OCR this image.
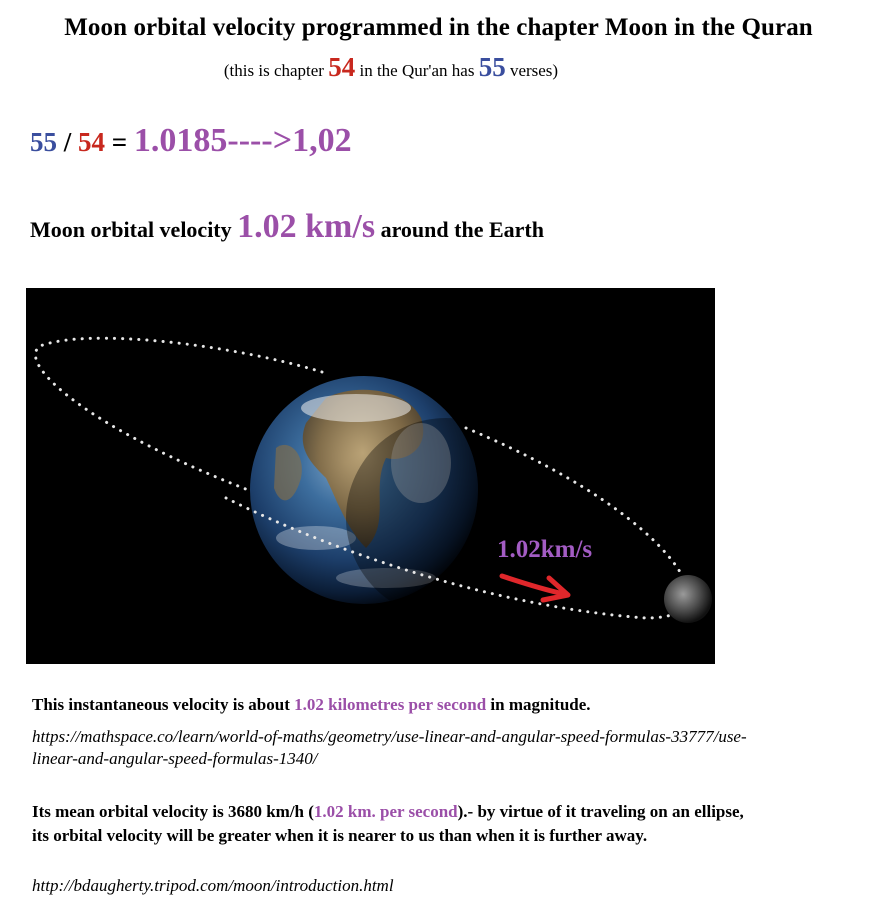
Moon orbital velocity programmed in the chapter Moon in the Quran
(this is chapter 54 in the Qur'an has 55 verses)
55 / 54 = 1.0185---->1,02
Moon orbital velocity 1.02 km/s around the Earth
1.02km/s
This instantaneous velocity is about 1.02 kilometres per second in magnitude.
https://mathspace.co/learn/world-of-maths/geometry/use-linear-and-angular-speed-formulas-33777/use-linear-and-angular-speed-formulas-1340/
Its mean orbital velocity is 3680 km/h (1.02 km. per second).- by virtue of it traveling on an ellipse, its orbital velocity will be greater when it is nearer to us than when it is further away.
http://bdaugherty.tripod.com/moon/introduction.html
